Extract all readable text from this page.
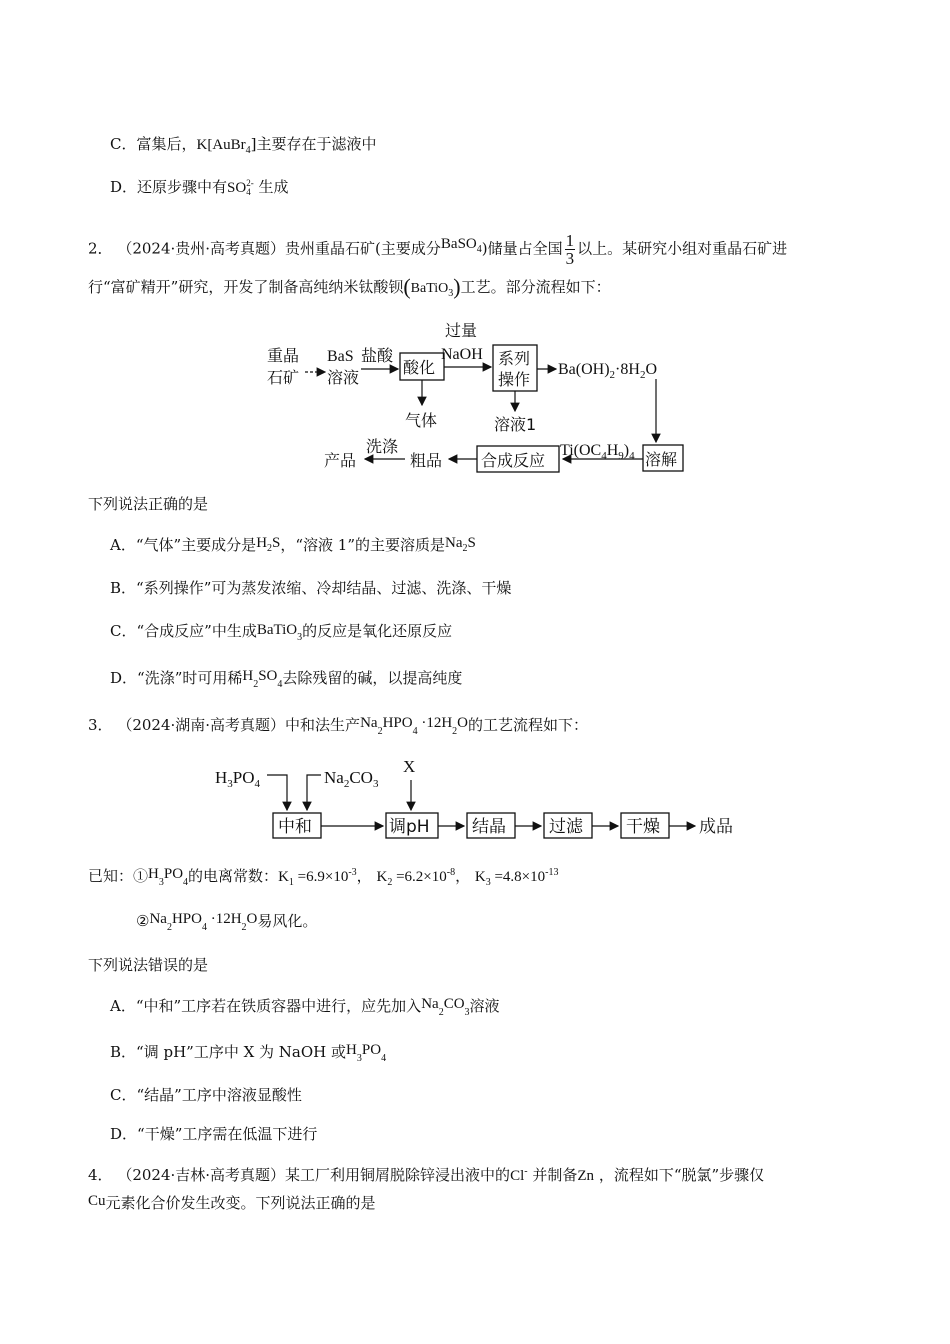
C．富集后，K[AuBr$_4$]主要存在于滤液中
D．还原步骤中有SO 2-
4 生成
2． （2024·贵州·高考真题）贵州重晶石矿(主要成分BaSO$_4$)储量占全国 $\frac{1}{3}$ 以上。某研究小组对重晶石矿进
行“富矿精开”研究，开发了制备高纯纳米钛酸钡(BaTiO$_3$)工艺。部分流程如下：
重晶
石矿
BaS
溶液
盐酸
酸化
过量
NaOH 系列
操作
$Ba(OH)_2\cdot 8H_2O$
气体	溶液1
溶解
$Ti(OC_4H_9)_4$
合成反应
粗品
洗涤
产品
下列说法正确的是
A．“气体”主要成分是$H_2S$，“溶液 1”的主要溶质是$Na_2S$
B．“系列操作”可为蒸发浓缩、冷却结晶、过滤、洗涤、干燥
C．“合成反应”中生成BaTiO$_3$的反应是氧化还原反应
D．“洗涤”时可用稀$H_2SO_4$去除残留的碱，以提高纯度
3． （2024·湖南·高考真题）中和法生产$Na_2HPO_4 \cdot 12H_2O$的工艺流程如下：
$H_3PO_4$	$Na_2CO_3$
X
中和	调pH 结晶	过滤	干燥 成品
已知：$①H_3PO_4$的电离常数：$K_1 =6.9\times 10^{-3}$， $K_2 =6.2\times 10^{-8}$， $K_3 =4.8\times 10^{-13}$
$②Na_2HPO_4 \cdot 12H_2O$易风化。
下列说法错误的是
A．“中和”工序若在铁质容器中进行，应先加入$Na_2CO_3$溶液
B．“调 pH”工序中 X 为 NaOH 或$H_3PO_4$
C．“结晶”工序中溶液显酸性
D．“干燥”工序需在低温下进行
4． （2024·吉林·高考真题）某工厂利用铜屑脱除锌浸出液中的Cl- 并制备Zn ，流程如下“脱氯”步骤仅
Cu元素化合价发生改变。下列说法正确的是
